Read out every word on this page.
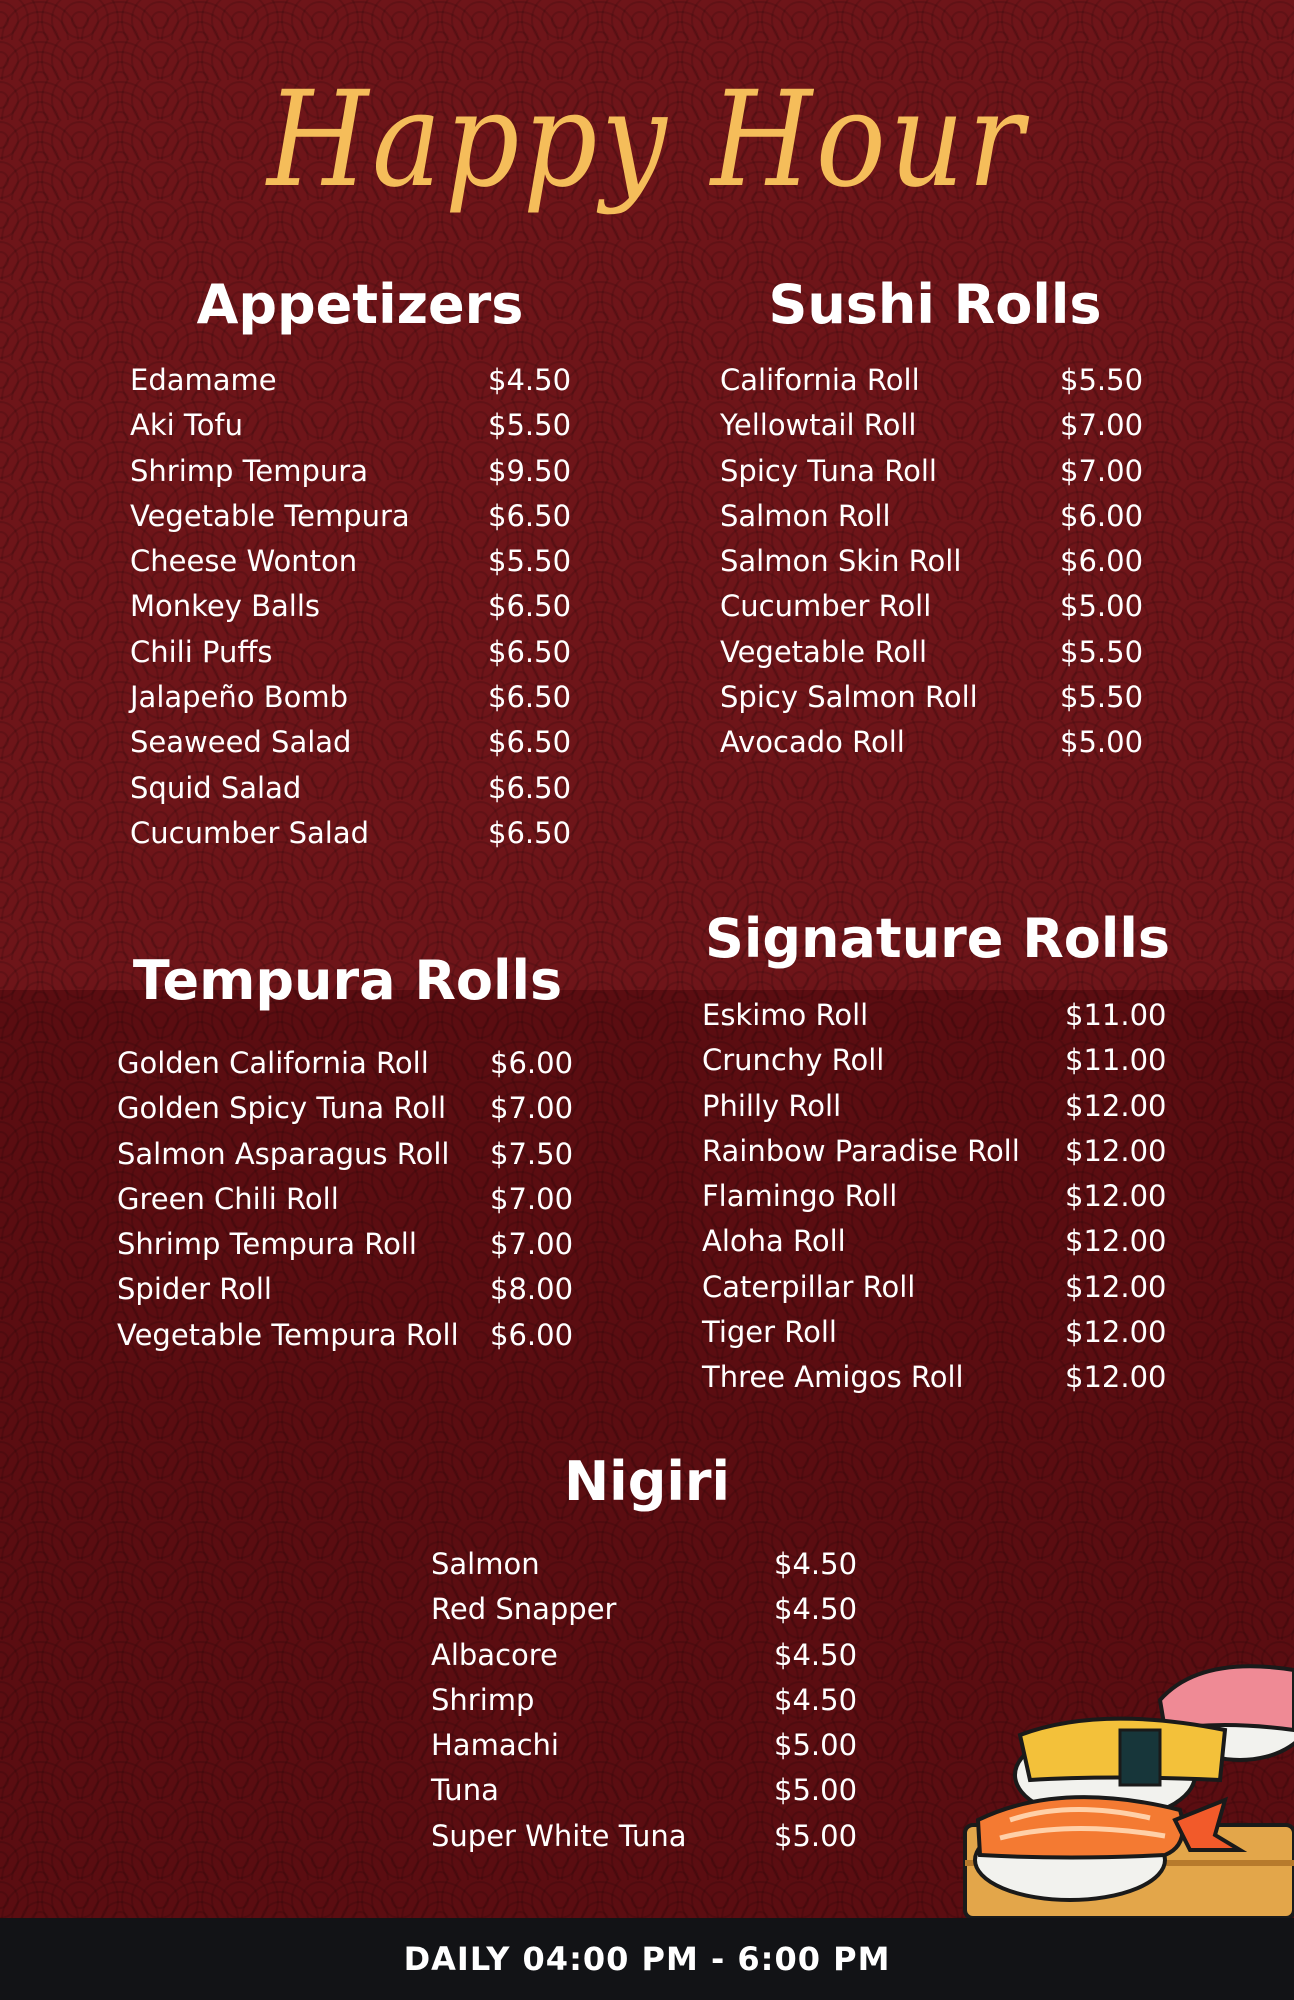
Happy Hour
Appetizers
Edamame	$4.50
Aki Tofu	$5.50
Shrimp Tempura	$9.50
Vegetable Tempura	$6.50
Cheese Wonton	$5.50
Monkey Balls	$6.50
Chili Puffs	$6.50
Jalapeño Bomb	$6.50
Seaweed Salad	$6.50
Squid Salad	$6.50
Cucumber Salad	$6.50
Sushi Rolls
California Roll	$5.50
Yellowtail Roll	$7.00
Spicy Tuna Roll	$7.00
Salmon Roll	$6.00
Salmon Skin Roll	$6.00
Cucumber Roll	$5.00
Vegetable Roll	$5.50
Spicy Salmon Roll	$5.50
Avocado Roll	$5.00
Tempura Rolls
Golden California Roll $6.00
Golden Spicy Tuna Roll $7.00
Salmon Asparagus Roll $7.50
Green Chili Roll	$7.00
Shrimp Tempura Roll	$7.00
Spider Roll	$8.00
Vegetable Tempura Roll $6.00
Signature Rolls
Eskimo Roll	$11.00
Crunchy Roll	$11.00
Philly Roll	$12.00
Rainbow Paradise Roll $12.00
Flamingo Roll	$12.00
Aloha Roll	$12.00
Caterpillar Roll	$12.00
Tiger Roll	$12.00
Three Amigos Roll	$12.00
Nigiri
Salmon	$4.50
Red Snapper	$4.50
Albacore	$4.50
Shrimp	$4.50
Hamachi	$5.00
Tuna	$5.00
Super White Tuna	$5.00
DAILY 04:00 PM - 6:00 PM
